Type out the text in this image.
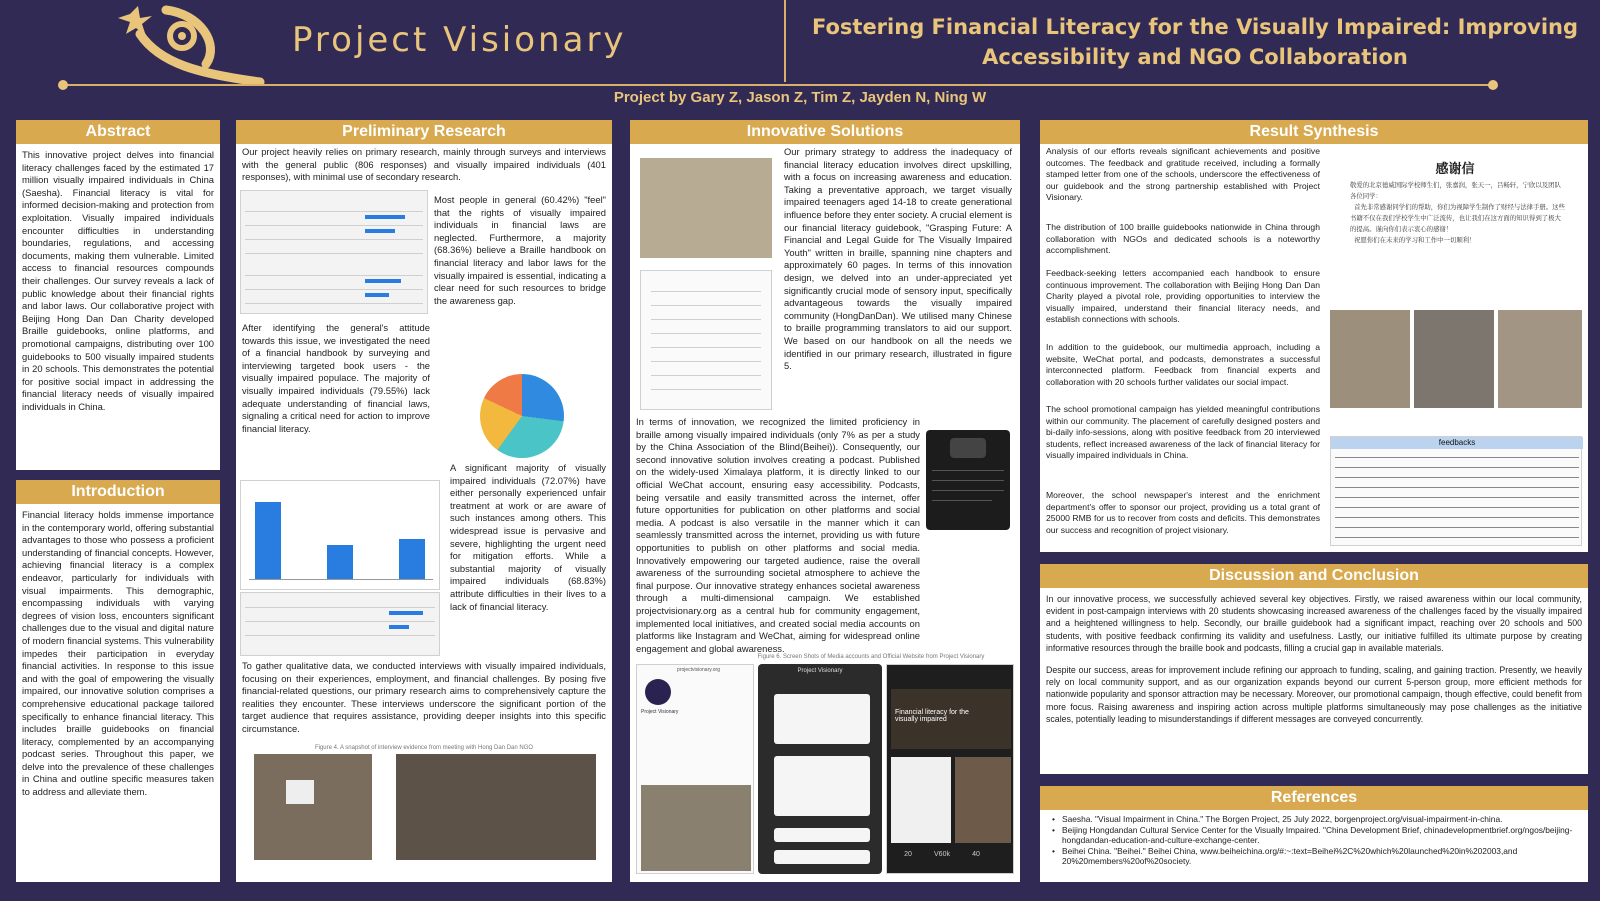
Project Visionary	Fostering Financial Literacy for the Visually Impaired: Improving
Accessibility and NGO Collaboration
Project by Gary Z, Jason Z, Tim Z, Jayden N, Ning W
Abstract

This innovative project delves into financial literacy challenges faced by the estimated 17 million visually impaired individuals in China (Saesha). Financial literacy is vital for informed decision-making and protection from exploitation. Visually impaired individuals encounter difficulties in understanding boundaries, regulations, and accessing documents, making them vulnerable. Limited access to financial resources compounds their challenges. Our survey reveals a lack of public knowledge about their financial rights and labor laws. Our collaborative project with Beijing Hong Dan Dan Charity developed Braille guidebooks, online platforms, and promotional campaigns, distributing over 100 guidebooks to 500 visually impaired students in 20 schools. This demonstrates the potential for positive social impact in addressing the financial literacy needs of visually impaired individuals in China.

Introduction

Financial literacy holds immense importance in the contemporary world, offering substantial advantages to those who possess a proficient understanding of financial concepts. However, achieving financial literacy is a complex endeavor, particularly for individuals with visual impairments. This demographic, encompassing individuals with varying degrees of vision loss, encounters significant challenges due to the visual and digital nature of modern financial systems. This vulnerability impedes their participation in everyday financial activities. In response to this issue and with the goal of empowering the visually impaired, our innovative solution comprises a comprehensive educational package tailored specifically to enhance financial literacy. This includes braille guidebooks on financial literacy, complemented by an accompanying podcast series. Throughout this paper, we delve into the prevalence of these challenges in China and outline specific measures taken to address and alleviate them.

Preliminary Research
Our project heavily relies on primary research, mainly through surveys and interviews with the general public (806 responses) and visually impaired individuals (401 responses), with minimal use of secondary research.
Most people in general (60.42%) "feel" that the rights of visually impaired individuals in financial laws are neglected. Furthermore, a majority (68.36%) believe a Braille handbook on financial literacy and labor laws for the visually impaired is essential, indicating a clear need for such resources to bridge the awareness gap.
After identifying the general's attitude towards this issue, we investigated the need of a financial handbook by surveying and interviewing targeted book users - the visually impaired populace. The majority of visually impaired individuals (79.55%) lack adequate understanding of financial laws, signaling a critical need for action to improve financial literacy.
A significant majority of visually impaired individuals (72.07%) have either personally experienced unfair treatment at work or are aware of such instances among others. This widespread issue is pervasive and severe, highlighting the urgent need for mitigation efforts. While a substantial majority of visually impaired individuals (68.83%) attribute difficulties in their lives to a lack of financial literacy.
To gather qualitative data, we conducted interviews with visually impaired individuals, focusing on their experiences, employment, and financial challenges. By posing five financial-related questions, our primary research aims to comprehensively capture the realities they encounter. These interviews underscore the significant portion of the target audience that requires assistance, providing deeper insights into this specific circumstance.
Figure 4. A snapshot of interview evidence from meeting with Hong Dan Dan NGO
Innovative Solutions
Our primary strategy to address the inadequacy of financial literacy education involves direct upskilling, with a focus on increasing awareness and education. Taking a preventative approach, we target visually impaired teenagers aged 14-18 to create generational influence before they enter society. A crucial element is our financial literacy guidebook, "Grasping Future: A Financial and Legal Guide for The Visually Impaired Youth" written in braille, spanning nine chapters and approximately 60 pages. In terms of this innovation design, we delved into an under-appreciated yet significantly crucial mode of sensory input, specifically advantageous towards the visually impaired community (HongDanDan). We utilised many Chinese to braille programming translators to aid our support. We based on our handbook on all the needs we identified in our primary research, illustrated in figure 5.
In terms of innovation, we recognized the limited proficiency in braille among visually impaired individuals (only 7% as per a study by the China Association of the Blind(Beihei)). Consequently, our second innovative solution involves creating a podcast. Published on the widely-used Ximalaya platform, it is directly linked to our official WeChat account, ensuring easy accessibility. Podcasts, being versatile and easily transmitted across the internet, offer future opportunities for publication on other platforms and social media. A podcast is also versatile in the manner which it can seamlessly transmitted across the internet, providing us with future opportunities to publish on other platforms and social media. Innovatively empowering our targeted audience, raise the overall awareness of the surrounding societal atmosphere to achieve the final purpose. Our innovative strategy enhances societal awareness through a multi-dimensional campaign. We established projectvisionary.org as a central hub for community engagement, implemented local initiatives, and created social media accounts on platforms like Instagram and WeChat, aiming for widespread online engagement and global awareness.
Figure 6. Screen Shots of Media accounts and Official Website from Project Visionary
projectvisionary.org
Project Visionary
Project Visionary
Financial literacy for the visually impaired
20	V60k	40
Result Synthesis
Analysis of our efforts reveals significant achievements and positive outcomes. The feedback and gratitude received, including a formally stamped letter from one of the schools, underscore the effectiveness of our guidebook and the strong partnership established with Project Visionary.
The distribution of 100 braille guidebooks nationwide in China through collaboration with NGOs and dedicated schools is a noteworthy accomplishment.
Feedback-seeking letters accompanied each handbook to ensure continuous improvement. The collaboration with Beijing Hong Dan Dan Charity played a pivotal role, providing opportunities to interview the visually impaired, understand their financial literacy needs, and establish connections with schools.
In addition to the guidebook, our multimedia approach, including a website, WeChat portal, and podcasts, demonstrates a successful interconnected platform. Feedback from financial experts and collaboration with 20 schools further validates our social impact.
The school promotional campaign has yielded meaningful contributions within our community. The placement of carefully designed posters and bi-daily info-sessions, along with positive feedback from 20 interviewed students, reflect increased awareness of the lack of financial literacy for visually impaired individuals in China.
Moreover, the school newspaper's interest and the enrichment department's offer to sponsor our project, providing us a total grant of 25000 RMB for us to recover from costs and deficits. This demonstrates our success and recognition of project visionary.
感谢信
敬爱的北京德威国际学校师生们，张嘉润，张天一，吕畅轩，宁欣以及团队各位同学：
首先非常感谢同学们的帮助，你们为视障学生制作了财经与法律手册。这些书籍不仅在我们学校学生中广泛流传，也让我们在这方面的知识得到了极大的提高。谨向你们表示衷心的感谢！
祝愿你们在未来的学习和工作中一切顺利！
feedbacks
Discussion and Conclusion

In our innovative process, we successfully achieved several key objectives. Firstly, we raised awareness within our local community, evident in post-campaign interviews with 20 students showcasing increased awareness of the challenges faced by the visually impaired and a heightened willingness to help. Secondly, our braille guidebook had a significant impact, reaching over 20 schools and 500 students, with positive feedback confirming its validity and usefulness. Lastly, our initiative fulfilled its ultimate purpose by creating informative resources through the braille book and podcasts, filling a crucial gap in available materials.

Despite our success, areas for improvement include refining our approach to funding, scaling, and gaining traction. Presently, we heavily rely on local community support, and as our organization expands beyond our current 5-person group, more efficient methods for nationwide popularity and sponsor attraction may be necessary. Moreover, our promotional campaign, though effective, could benefit from more focus. Raising awareness and inspiring action across multiple platforms simultaneously may pose challenges as the initiative scales, potentially leading to misunderstandings if different messages are conveyed concurrently.

References
• Saesha. "Visual Impairment in China." The Borgen Project, 25 July 2022, borgenproject.org/visual-impairment-in-china.
• Beijing Hongdandan Cultural Service Center for the Visually Impaired. "China Development Brief, chinadevelopmentbrief.org/ngos/beijing-hongdandan-education-and-culture-exchange-center.
• Beihei China. "Beihei." Beihei China, www.beiheichina.org/#:~:text=Beihei%2C%20which%20launched%20in%202003,and 20%20members%20of%20society.
